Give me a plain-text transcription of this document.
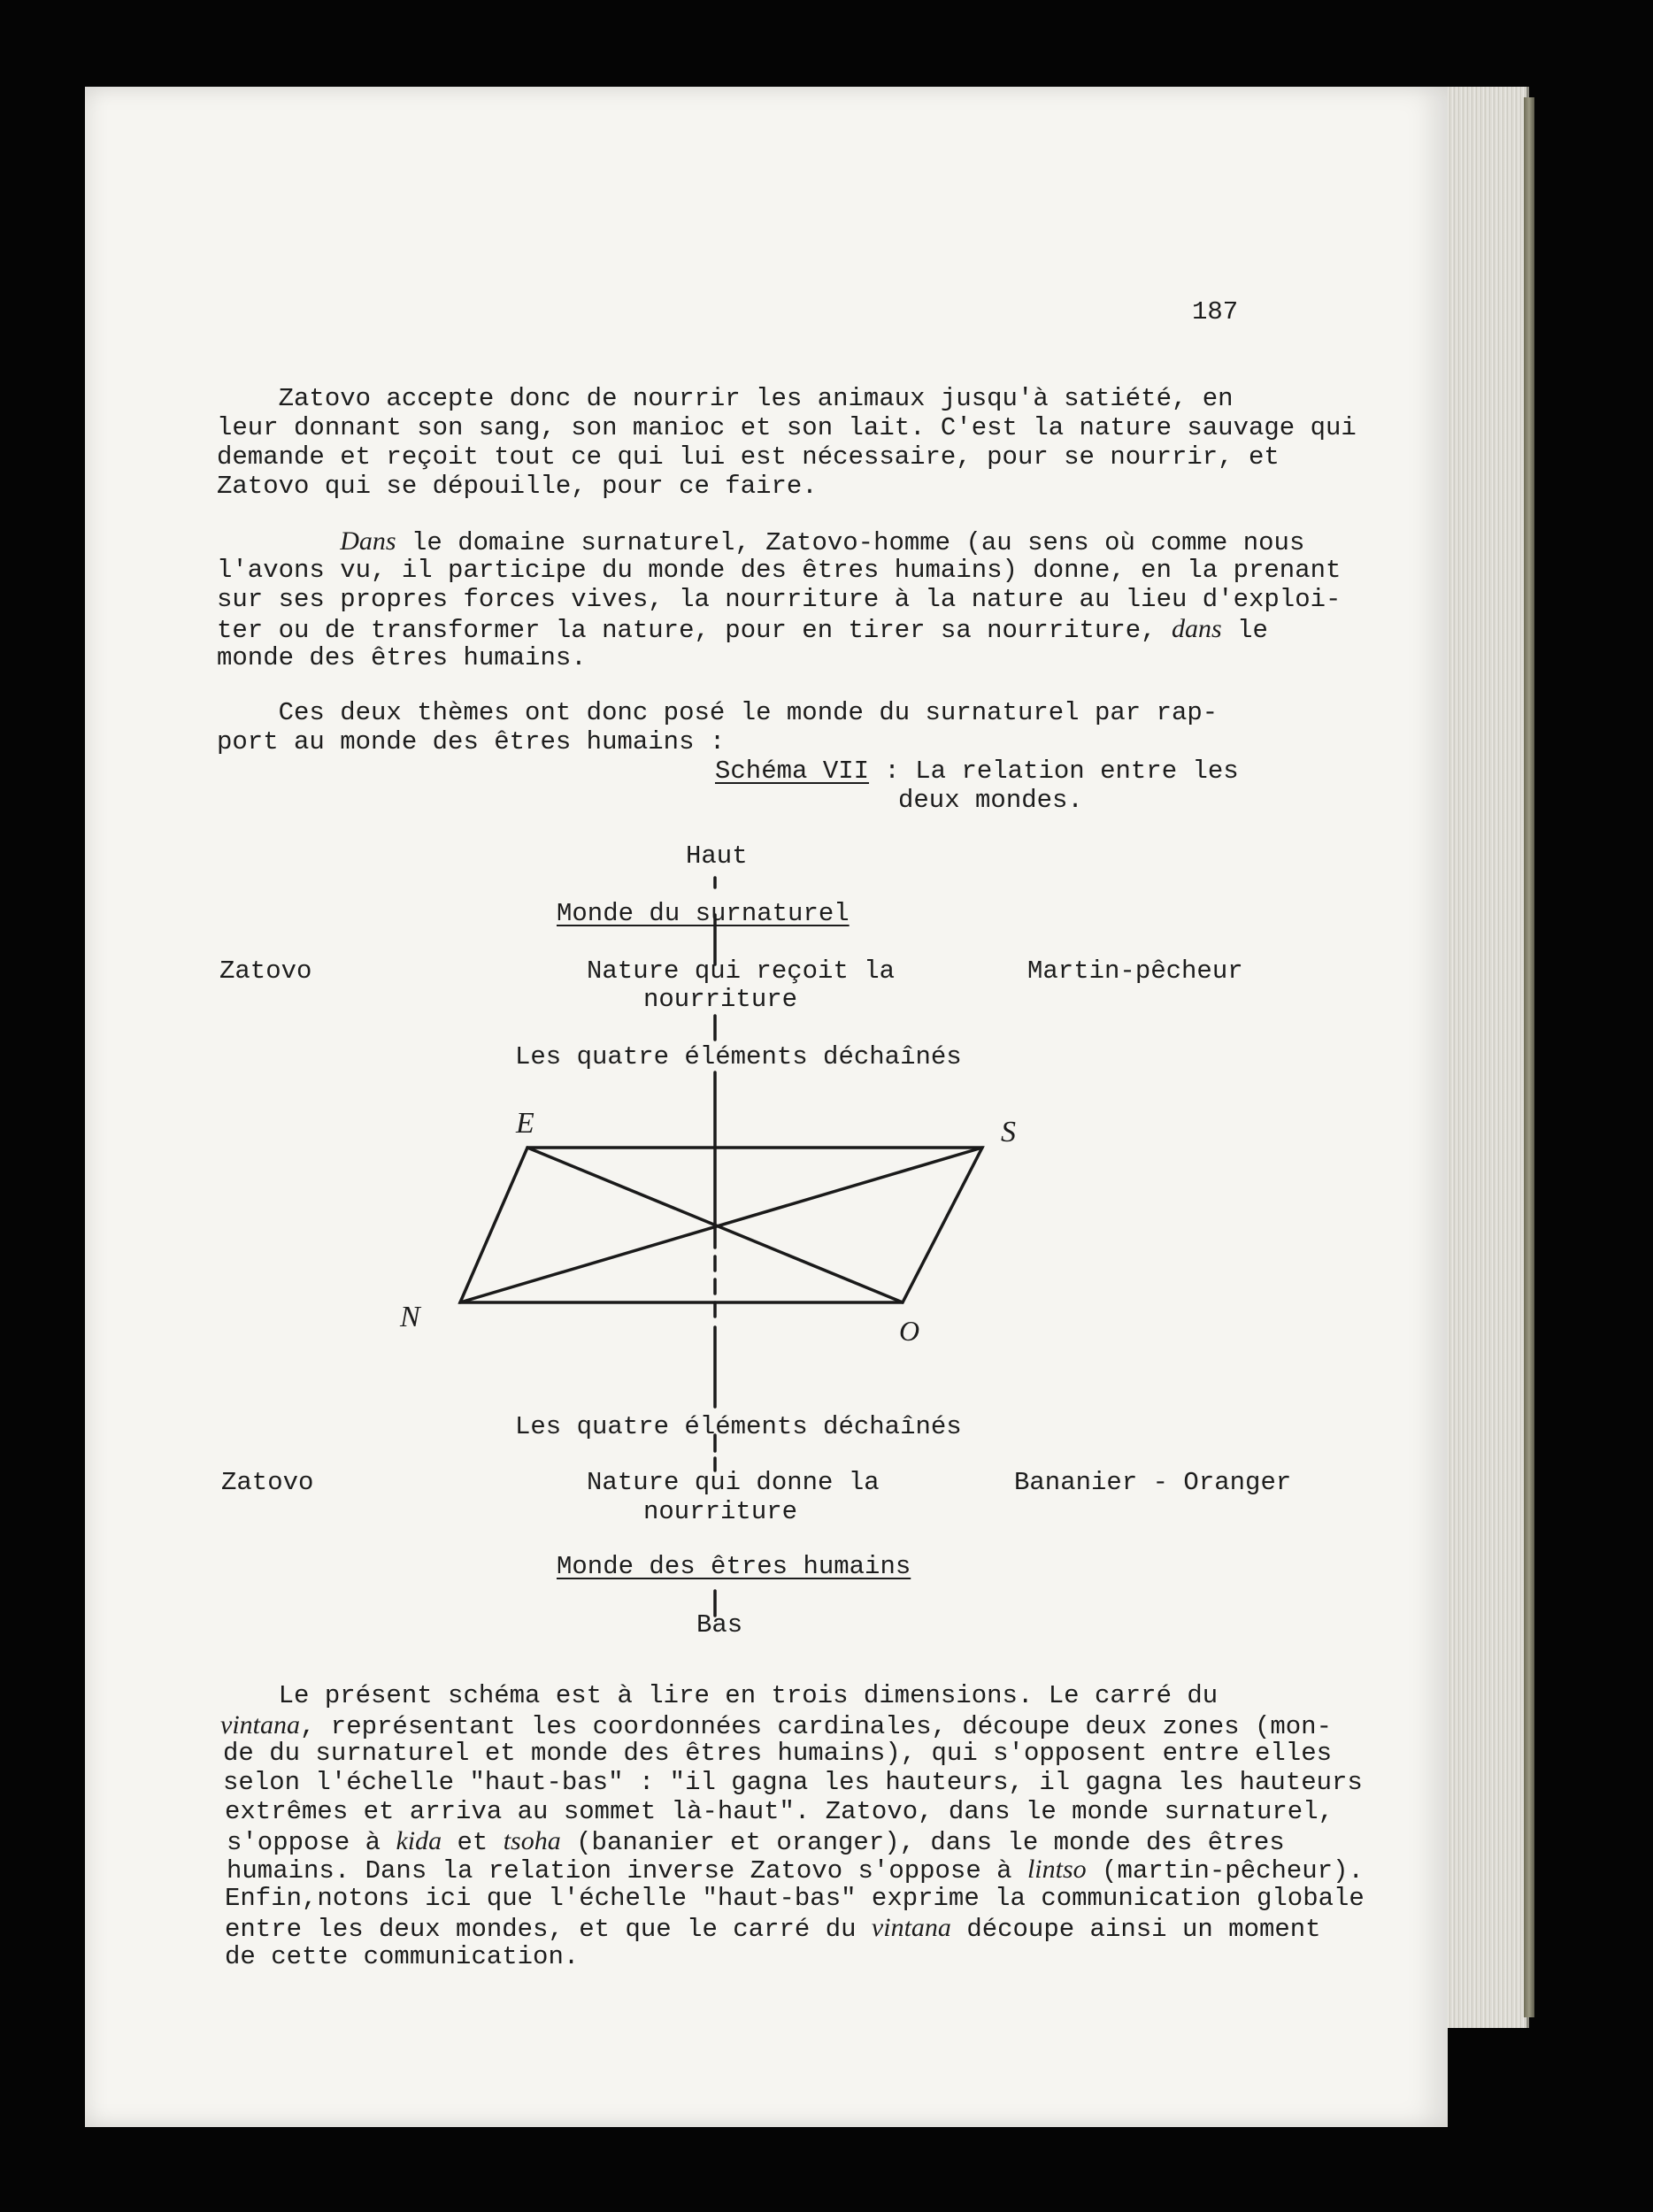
187
Zatovo accepte donc de nourrir les animaux jusqu'à satiété, en
leur donnant son sang, son manioc et son lait. C'est la nature sauvage qui
demande et reçoit tout ce qui lui est nécessaire, pour se nourrir, et
Zatovo qui se dépouille, pour ce faire.
Dans le domaine surnaturel, Zatovo-homme (au sens où comme nous
l'avons vu, il participe du monde des êtres humains) donne, en la prenant
sur ses propres forces vives, la nourriture à la nature au lieu d'exploi-
ter ou de transformer la nature, pour en tirer sa nourriture, dans le
monde des êtres humains.
Ces deux thèmes ont donc posé le monde du surnaturel par rap-
port au monde des êtres humains :
Schéma VII : La relation entre les
deux mondes.
Haut
Monde du surnaturel
Zatovo	Nature qui reçoit la
nourriture
Martin-pêcheur
Les quatre éléments déchaînés
E	S
N	O
Les quatre éléments déchaînés
Zatovo	Nature qui donne la
nourriture
Bananier - Oranger
Monde des êtres humains
Bas
Le présent schéma est à lire en trois dimensions. Le carré du
vintana, représentant les coordonnées cardinales, découpe deux zones (mon-
de du surnaturel et monde des êtres humains), qui s'opposent entre elles
selon l'échelle "haut-bas" : "il gagna les hauteurs, il gagna les hauteurs
extrêmes et arriva au sommet là-haut". Zatovo, dans le monde surnaturel,
s'oppose à kida et tsoha (bananier et oranger), dans le monde des êtres
humains. Dans la relation inverse Zatovo s'oppose à lintso (martin-pêcheur).
Enfin,notons ici que l'échelle "haut-bas" exprime la communication globale
entre les deux mondes, et que le carré du vintana découpe ainsi un moment
de cette communication.
